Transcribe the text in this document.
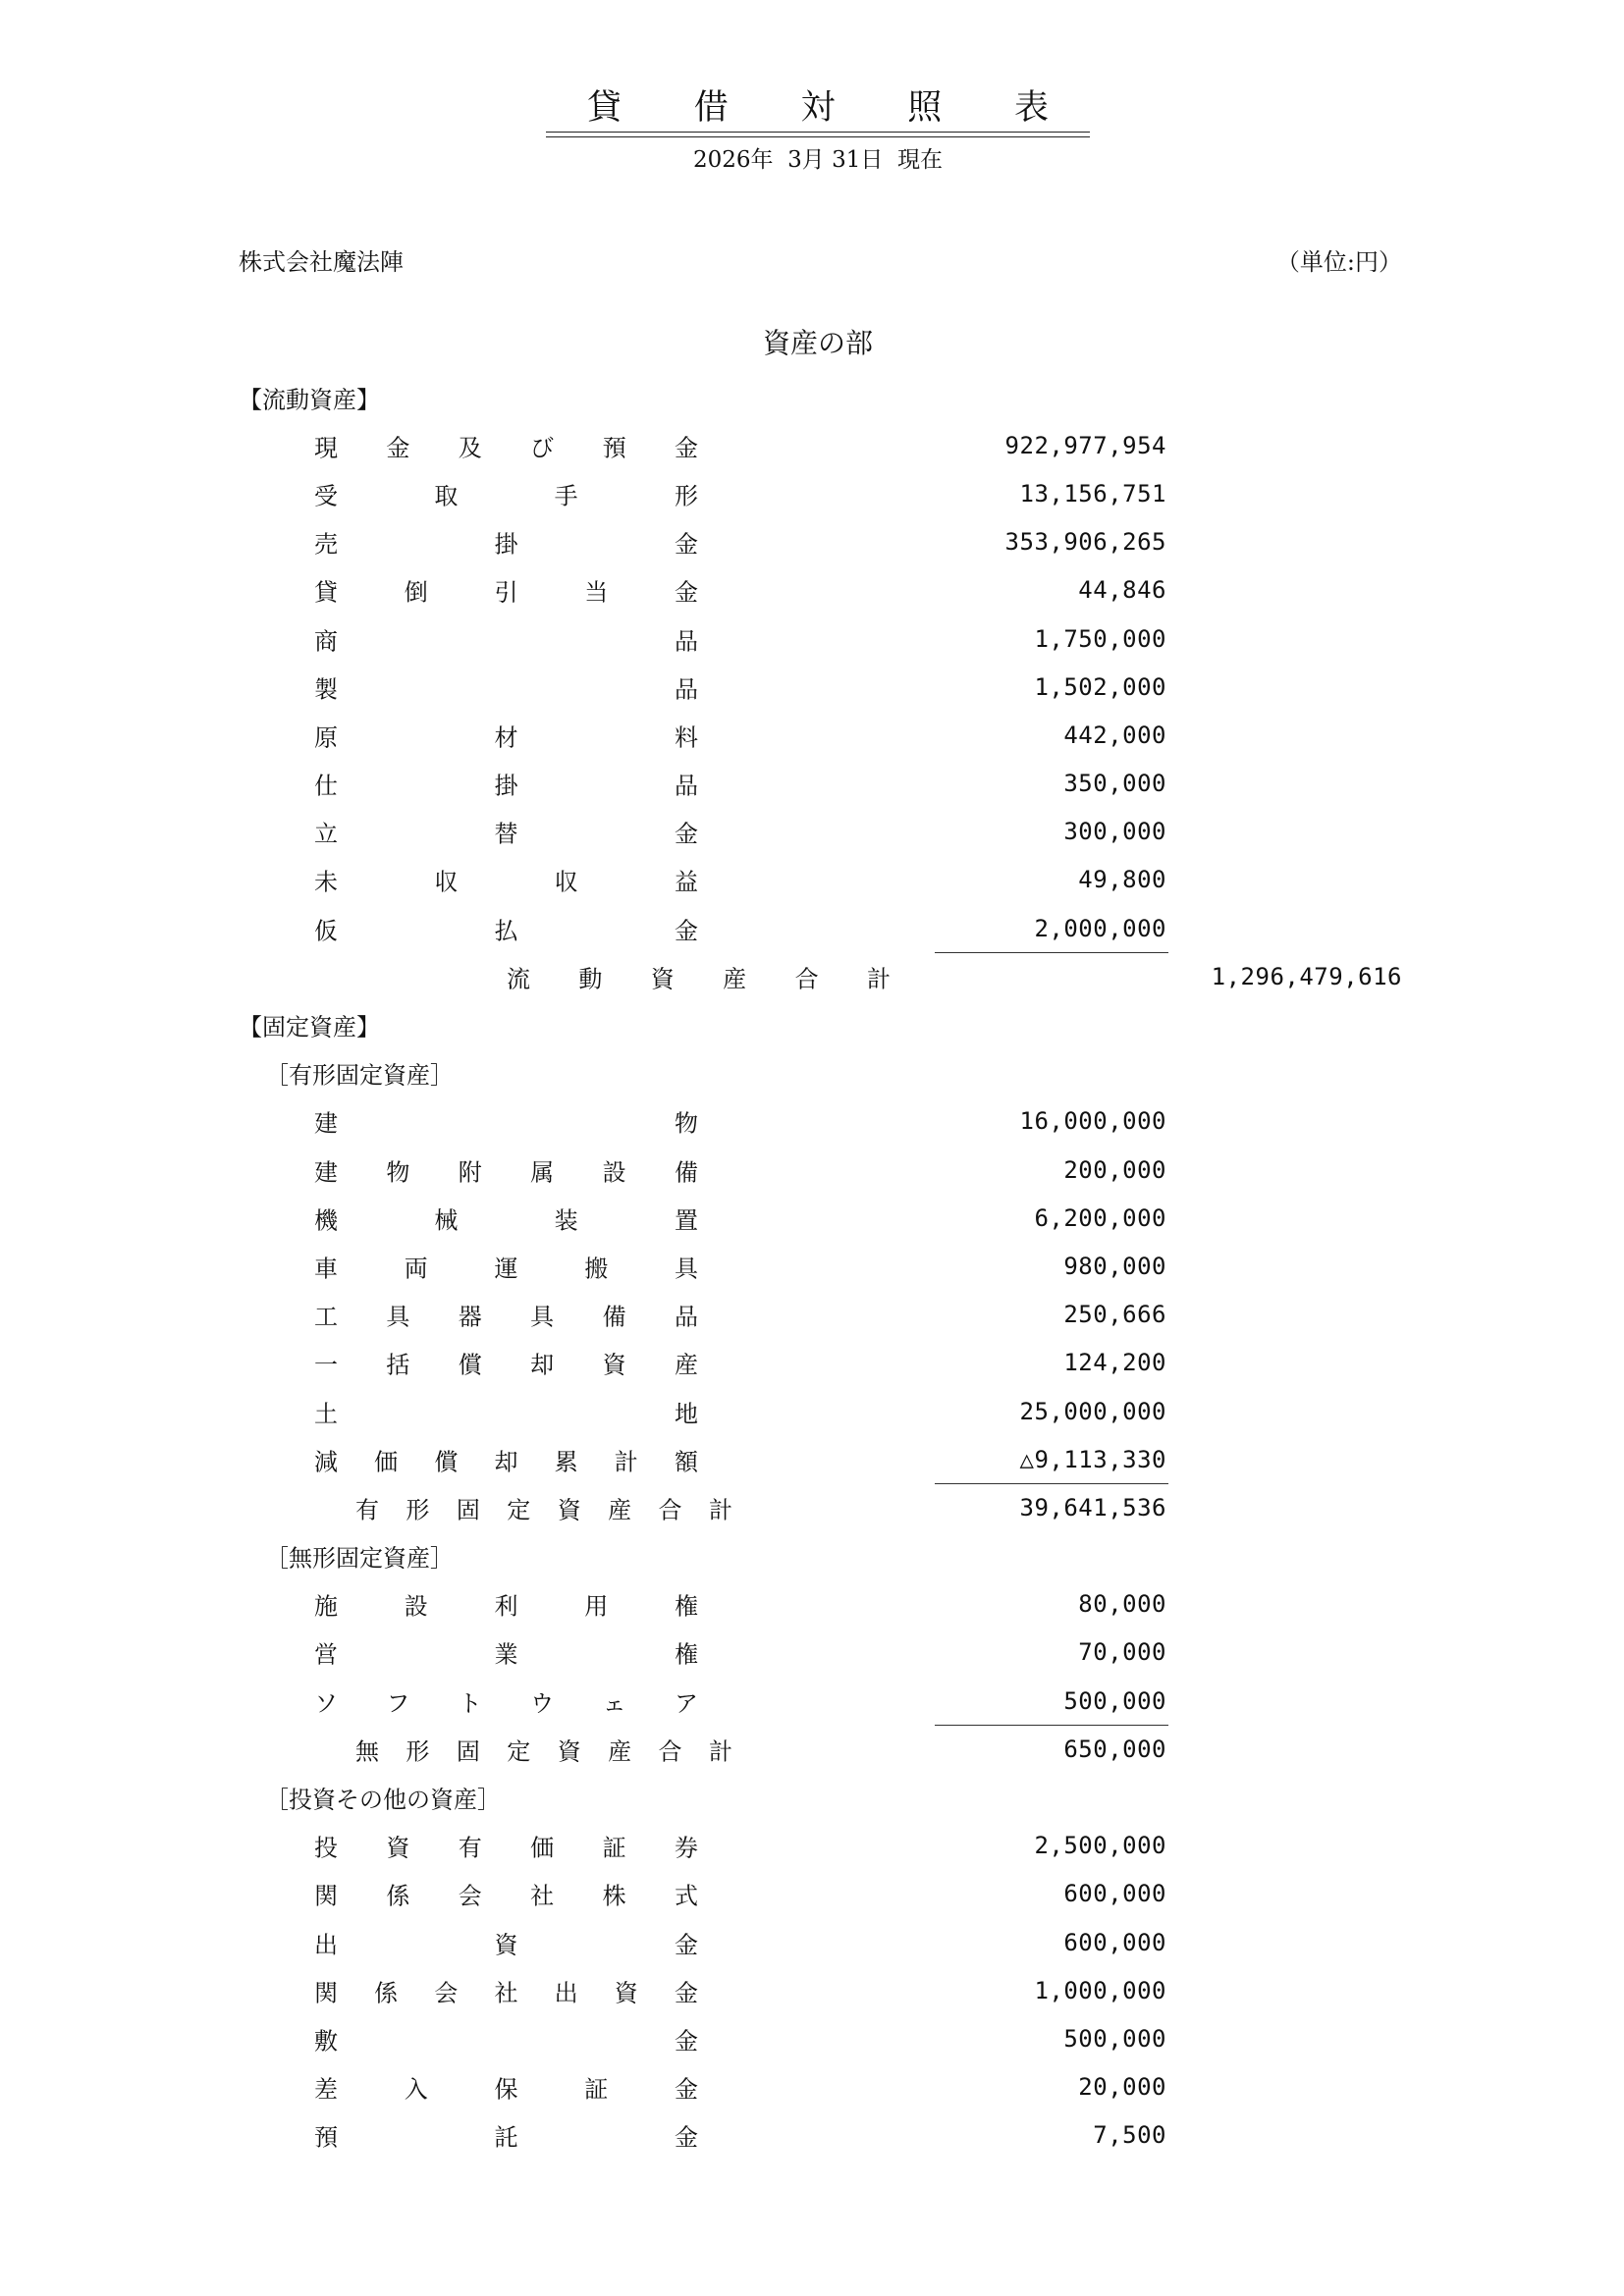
貸 借 対 照 表
2026年  3月 31日  現在
株式会社魔法陣	（単位:円）
資産の部
【流動資産】
現 金 及 び 預 金	922,977,954
受	取	手	形	13,156,751
売	掛	金	353,906,265
貸	倒	引	当	金	44,846
商	品	1,750,000
製	品	1,502,000
原	材	料	442,000
仕	掛	品	350,000
立	替	金	300,000
未	収	収	益	49,800
仮	払	金	2,000,000
流 動 資 産 合 計	1,296,479,616
【固定資産】
［有形固定資産］
建	物	16,000,000
建 物 附 属 設 備	200,000
機	械	装	置	6,200,000
車	両	運	搬	具	980,000
工 具 器 具 備 品	250,666
一 括 償 却 資 産	124,200
土	地	25,000,000
減 価 償 却 累 計 額	△9,113,330
有 形 固 定 資 産 合 計	39,641,536
［無形固定資産］
施	設	利	用	権	80,000
営	業	権	70,000
ソ フ ト ウ ェ ア	500,000
無 形 固 定 資 産 合 計	650,000
［投資その他の資産］
投 資 有 価 証 券	2,500,000
関 係 会 社 株 式	600,000
出	資	金	600,000
関 係 会 社 出 資 金	1,000,000
敷	金	500,000
差	入	保	証	金	20,000
預	託	金	7,500
